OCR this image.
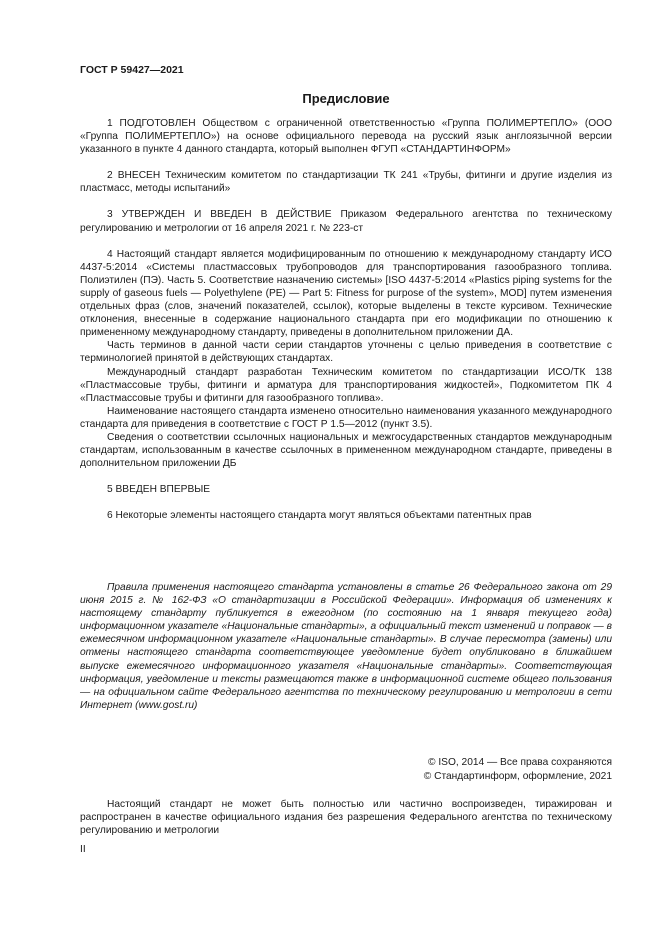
ГОСТ Р 59427—2021
Предисловие

1 ПОДГОТОВЛЕН Обществом с ограниченной ответственностью «Группа ПОЛИМЕРТЕПЛО» (ООО «Группа ПОЛИМЕРТЕПЛО») на основе официального перевода на русский язык англоязычной версии указанного в пункте 4 данного стандарта, который выполнен ФГУП «СТАНДАРТИНФОРМ»

2 ВНЕСЕН Техническим комитетом по стандартизации ТК 241 «Трубы, фитинги и другие изделия из пластмасс, методы испытаний»

3 УТВЕРЖДЕН И ВВЕДЕН В ДЕЙСТВИЕ Приказом Федерального агентства по техническому регулированию и метрологии от 16 апреля 2021 г. № 223-ст

4 Настоящий стандарт является модифицированным по отношению к международному стандарту ИСО 4437-5:2014 «Системы пластмассовых трубопроводов для транспортирования газообразного топлива. Полиэтилен (ПЭ). Часть 5. Соответствие назначению системы» [ISO 4437-5:2014 «Plastics piping systems for the supply of gaseous fuels — Polyethylene (PE) — Part 5: Fitness for purpose of the system», MOD] путем изменения отдельных фраз (слов, значений показателей, ссылок), которые выделены в тексте курсивом. Технические отклонения, внесенные в содержание национального стандарта при его модификации по отношению к примененному международному стандарту, приведены в дополнительном приложении ДА.

Часть терминов в данной части серии стандартов уточнены с целью приведения в соответствие с терминологией принятой в действующих стандартах.

Международный стандарт разработан Техническим комитетом по стандартизации ИСО/ТК 138 «Пластмассовые трубы, фитинги и арматура для транспортирования жидкостей», Подкомитетом ПК 4 «Пластмассовые трубы и фитинги для газообразного топлива».

Наименование настоящего стандарта изменено относительно наименования указанного международного стандарта для приведения в соответствие с ГОСТ Р 1.5—2012 (пункт 3.5).

Сведения о соответствии ссылочных национальных и межгосударственных стандартов международным стандартам, использованным в качестве ссылочных в примененном международном стандарте, приведены в дополнительном приложении ДБ

5 ВВЕДЕН ВПЕРВЫЕ

6 Некоторые элементы настоящего стандарта могут являться объектами патентных прав

Правила применения настоящего стандарта установлены в статье 26 Федерального закона от 29 июня 2015 г. № 162-ФЗ «О стандартизации в Российской Федерации». Информация об изменениях к настоящему стандарту публикуется в ежегодном (по состоянию на 1 января текущего года) информационном указателе «Национальные стандарты», а официальный текст изменений и поправок — в ежемесячном информационном указателе «Национальные стандарты». В случае пересмотра (замены) или отмены настоящего стандарта соответствующее уведомление будет опубликовано в ближайшем выпуске ежемесячного информационного указателя «Национальные стандарты». Соответствующая информация, уведомление и тексты размещаются также в информационной системе общего пользования — на официальном сайте Федерального агентства по техническому регулированию и метрологии в сети Интернет (www.gost.ru)

© ISO, 2014 — Все права сохраняются
© Стандартинформ, оформление, 2021

Настоящий стандарт не может быть полностью или частично воспроизведен, тиражирован и распространен в качестве официального издания без разрешения Федерального агентства по техническому регулированию и метрологии

II
